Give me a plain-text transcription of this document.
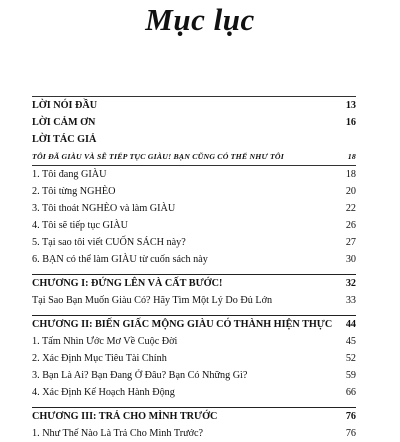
Mục lục
LỜI NÓI ĐẦU	13
LỜI CẢM ƠN	16
LỜI TÁC GIẢ
TÔI ĐÃ GIÀU VÀ SẼ TIẾP TỤC GIÀU! BẠN CŨNG CÓ THỂ NHƯ TÔI	18
1. Tôi đang GIÀU	18
2. Tôi từng NGHÈO	20
3. Tôi thoát NGHÈO và làm GIÀU	22
4. Tôi sẽ tiếp tục GIÀU	26
5. Tại sao tôi viết CUỐN SÁCH này?	27
6. BẠN có thể làm GIÀU từ cuốn sách này	30
CHƯƠNG I: ĐỨNG LÊN VÀ CẤT BƯỚC!	32
Tại Sao Bạn Muốn Giàu Có? Hãy Tìm Một Lý Do Đủ Lớn	33
CHƯƠNG II: BIẾN GIẤC MỘNG GIÀU CÓ THÀNH HIỆN THỰC 44
1. Tấm Nhìn Ước Mơ Về Cuộc Đời	45
2. Xác Định Mục Tiêu Tài Chính	52
3. Bạn Là Ai? Bạn Đang Ở Đâu? Bạn Có Những Gì?	59
4. Xác Định Kế Hoạch Hành Động	66
CHƯƠNG III: TRẢ CHO MÌNH TRƯỚC	76
1. Như Thế Nào Là Trả Cho Mình Trước?	76
